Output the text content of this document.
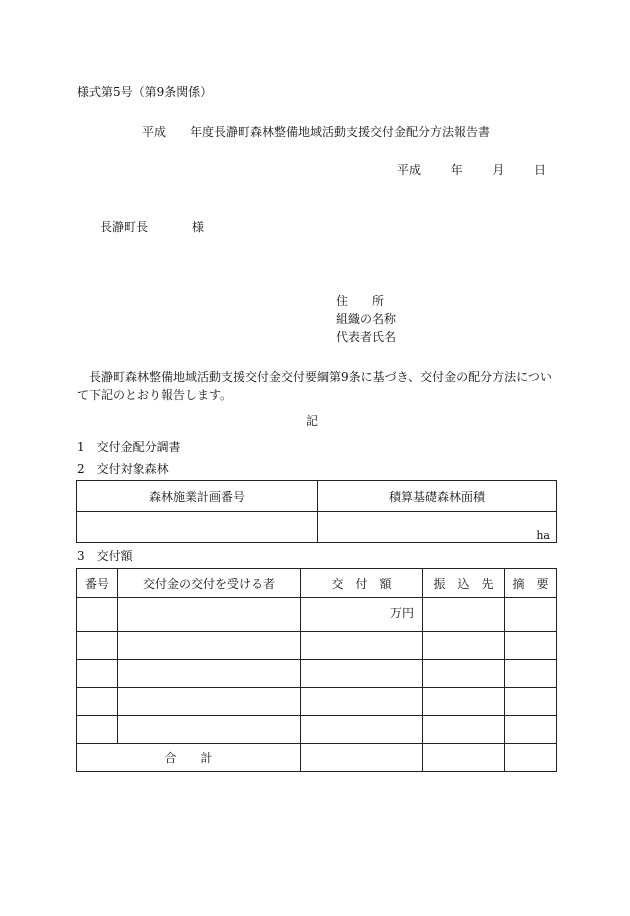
様式第5号（第9条関係）
平成 年度長瀞町森林整備地域活動支援交付金配分方法報告書
平成 年 月 日
長瀞町長	様
住　　所
組織の名称
代表者氏名
長瀞町森林整備地域活動支援交付金交付要綱第9条に基づき、交付金の配分方法について下記のとおり報告します。
記
1　交付金配分調書
2　交付対象森林
森林施業計画番号	積算基礎森林面積
	ha
3　交付額
番号	交付金の交付を受ける者	交　付　額	振　込　先	摘　要
		万円		

合　　計				
